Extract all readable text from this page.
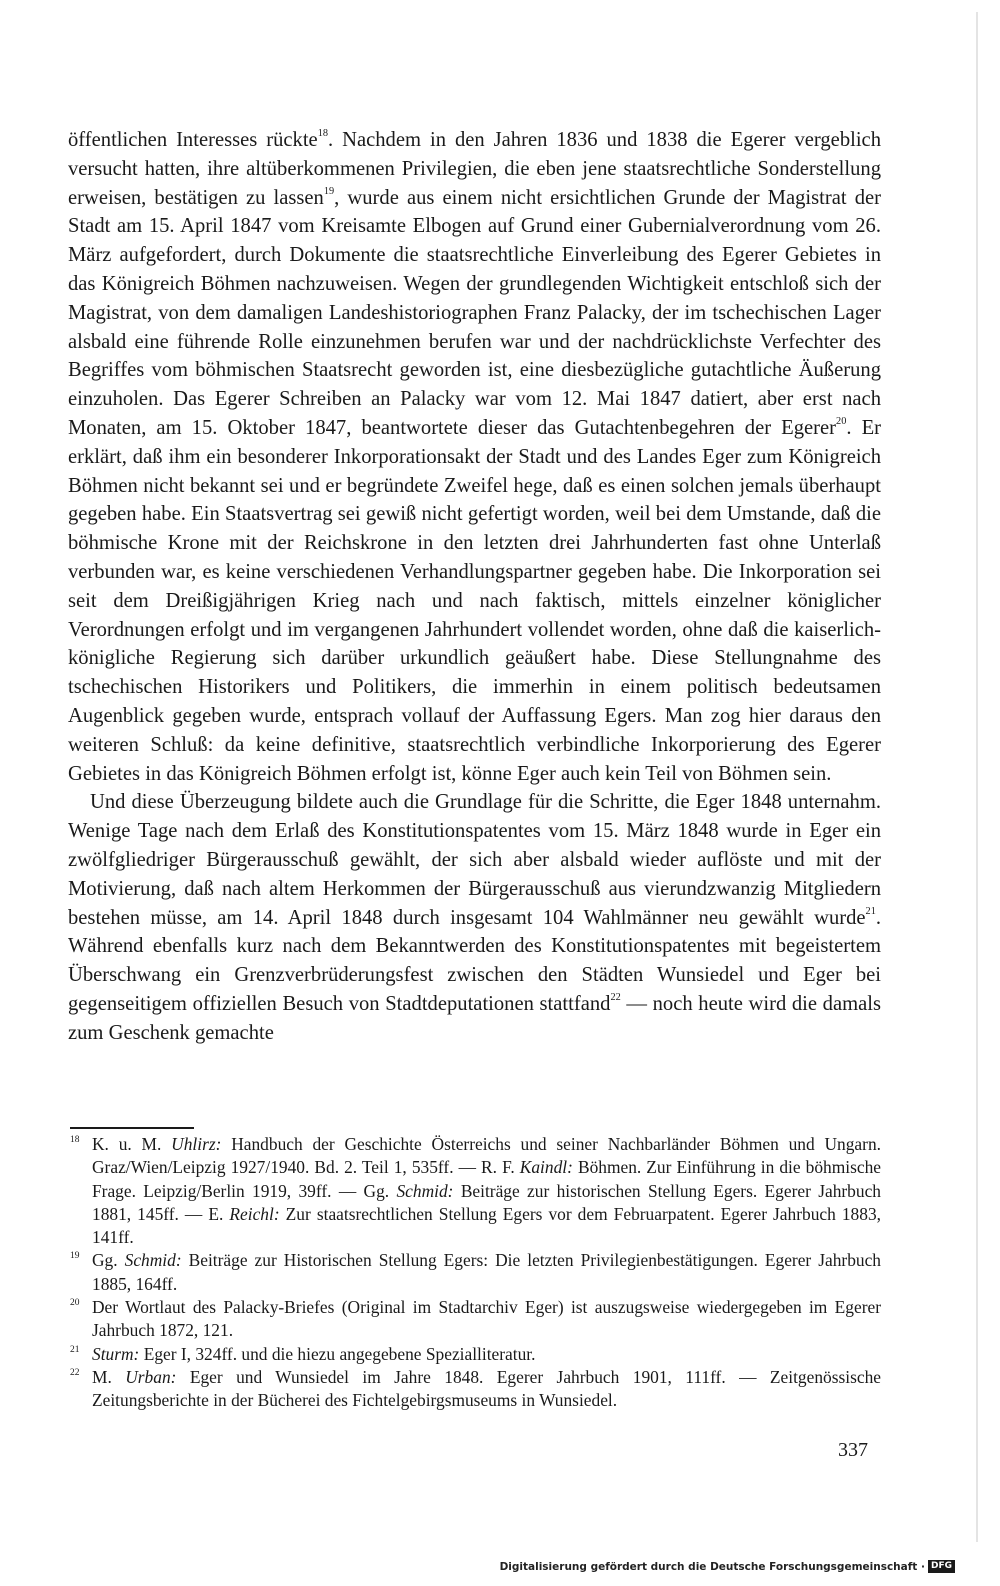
öffentlichen Interesses rückte$^{18}$. Nachdem in den Jahren 1836 und 1838 die Egerer vergeblich versucht hatten, ihre altüberkommenen Privilegien, die eben jene staatsrechtliche Sonderstellung erweisen, bestätigen zu lassen$^{19}$, wurde aus einem nicht ersichtlichen Grunde der Magistrat der Stadt am 15. April 1847 vom Kreisamte Elbogen auf Grund einer Gubernialverordnung vom 26. März aufgefordert, durch Dokumente die staatsrechtliche Einverleibung des Egerer Gebietes in das Königreich Böhmen nachzuweisen. Wegen der grundlegenden Wichtigkeit entschloß sich der Magistrat, von dem damaligen Landeshistoriographen Franz Palacky, der im tschechischen Lager alsbald eine führende Rolle einzunehmen berufen war und der nachdrücklichste Verfechter des Begriffes vom böhmischen Staatsrecht geworden ist, eine diesbezügliche gutachtliche Äußerung einzuholen. Das Egerer Schreiben an Palacky war vom 12. Mai 1847 datiert, aber erst nach Monaten, am 15. Oktober 1847, beantwortete dieser das Gutachtenbegehren der Egerer$^{20}$. Er erklärt, daß ihm ein besonderer Inkorporationsakt der Stadt und des Landes Eger zum Königreich Böhmen nicht bekannt sei und er begründete Zweifel hege, daß es einen solchen jemals überhaupt gegeben habe. Ein Staatsvertrag sei gewiß nicht gefertigt worden, weil bei dem Umstande, daß die böhmische Krone mit der Reichskrone in den letzten drei Jahrhunderten fast ohne Unterlaß verbunden war, es keine verschiedenen Verhandlungspartner gegeben habe. Die Inkorporation sei seit dem Dreißigjährigen Krieg nach und nach faktisch, mittels einzelner königlicher Verordnungen erfolgt und im vergangenen Jahrhundert vollendet worden, ohne daß die kaiserlich-königliche Regierung sich darüber urkundlich geäußert habe. Diese Stellungnahme des tschechischen Historikers und Politikers, die immerhin in einem politisch bedeutsamen Augenblick gegeben wurde, entsprach vollauf der Auffassung Egers. Man zog hier daraus den weiteren Schluß: da keine definitive, staatsrechtlich verbindliche Inkorporierung des Egerer Gebietes in das Königreich Böhmen erfolgt ist, könne Eger auch kein Teil von Böhmen sein.

Und diese Überzeugung bildete auch die Grundlage für die Schritte, die Eger 1848 unternahm. Wenige Tage nach dem Erlaß des Konstitutionspatentes vom 15. März 1848 wurde in Eger ein zwölfgliedriger Bürgerausschuß gewählt, der sich aber alsbald wieder auflöste und mit der Motivierung, daß nach altem Herkommen der Bürgerausschuß aus vierundzwanzig Mitgliedern bestehen müsse, am 14. April 1848 durch insgesamt 104 Wahlmänner neu gewählt wurde$^{21}$. Während ebenfalls kurz nach dem Bekanntwerden des Konstitutionspatentes mit begeistertem Überschwang ein Grenzverbrüderungsfest zwischen den Städten Wunsiedel und Eger bei gegenseitigem offiziellen Besuch von Stadtdeputationen stattfand$^{22}$ — noch heute wird die damals zum Geschenk gemachte

18 K. u. M. Uhlirz: Handbuch der Geschichte Österreichs und seiner Nachbarländer Böhmen und Ungarn. Graz/Wien/Leipzig 1927/1940. Bd. 2. Teil 1, 535ff. — R. F. Kaindl: Böhmen. Zur Einführung in die böhmische Frage. Leipzig/Berlin 1919, 39ff. — Gg. Schmid: Beiträge zur historischen Stellung Egers. Egerer Jahrbuch 1881, 145ff. — E. Reichl: Zur staatsrechtlichen Stellung Egers vor dem Februarpatent. Egerer Jahrbuch 1883, 141ff.
19 Gg. Schmid: Beiträge zur Historischen Stellung Egers: Die letzten Privilegienbestätigungen. Egerer Jahrbuch 1885, 164ff.
20 Der Wortlaut des Palacky-Briefes (Original im Stadtarchiv Eger) ist auszugsweise wiedergegeben im Egerer Jahrbuch 1872, 121.
21 Sturm: Eger I, 324ff. und die hiezu angegebene Spezialliteratur.
22 M. Urban: Eger und Wunsiedel im Jahre 1848. Egerer Jahrbuch 1901, 111ff. — Zeitgenössische Zeitungsberichte in der Bücherei des Fichtelgebirgsmuseums in Wunsiedel.
337
Digitalisierung gefördert durch die Deutsche Forschungsgemeinschaft · DFG
